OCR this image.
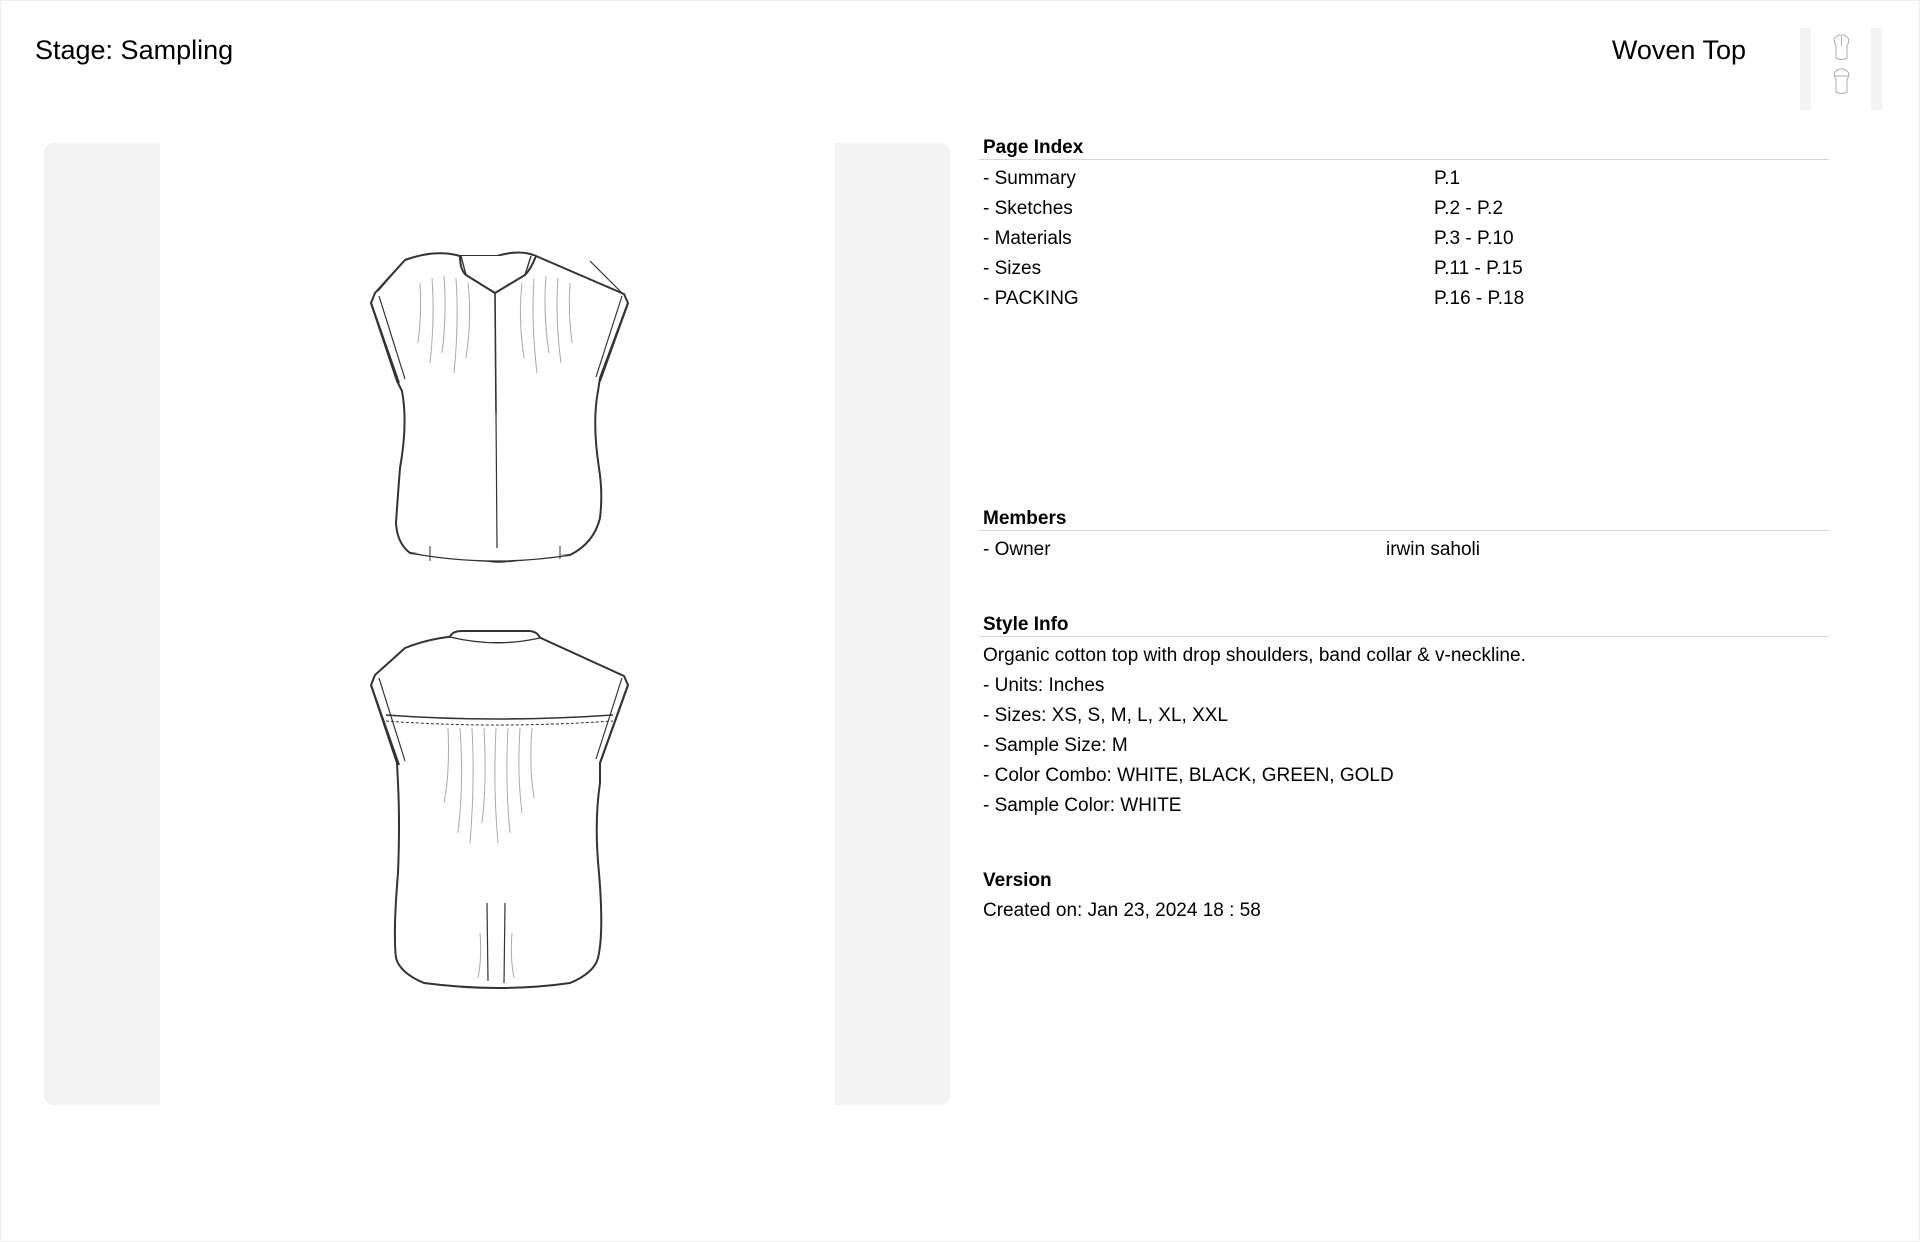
Stage: Sampling	Woven Top
Page Index
- Summary	P.1
- Sketches	P.2 - P.2
- Materials	P.3 - P.10
- Sizes	P.11 - P.15
- PACKING	P.16 - P.18
Members
- Owner	irwin saholi
Style Info
Organic cotton top with drop shoulders, band collar & v-neckline.
- Units: Inches
- Sizes: XS, S, M, L, XL, XXL
- Sample Size: M
- Color Combo: WHITE, BLACK, GREEN, GOLD
- Sample Color: WHITE
Version
Created on: Jan 23, 2024 18 : 58
